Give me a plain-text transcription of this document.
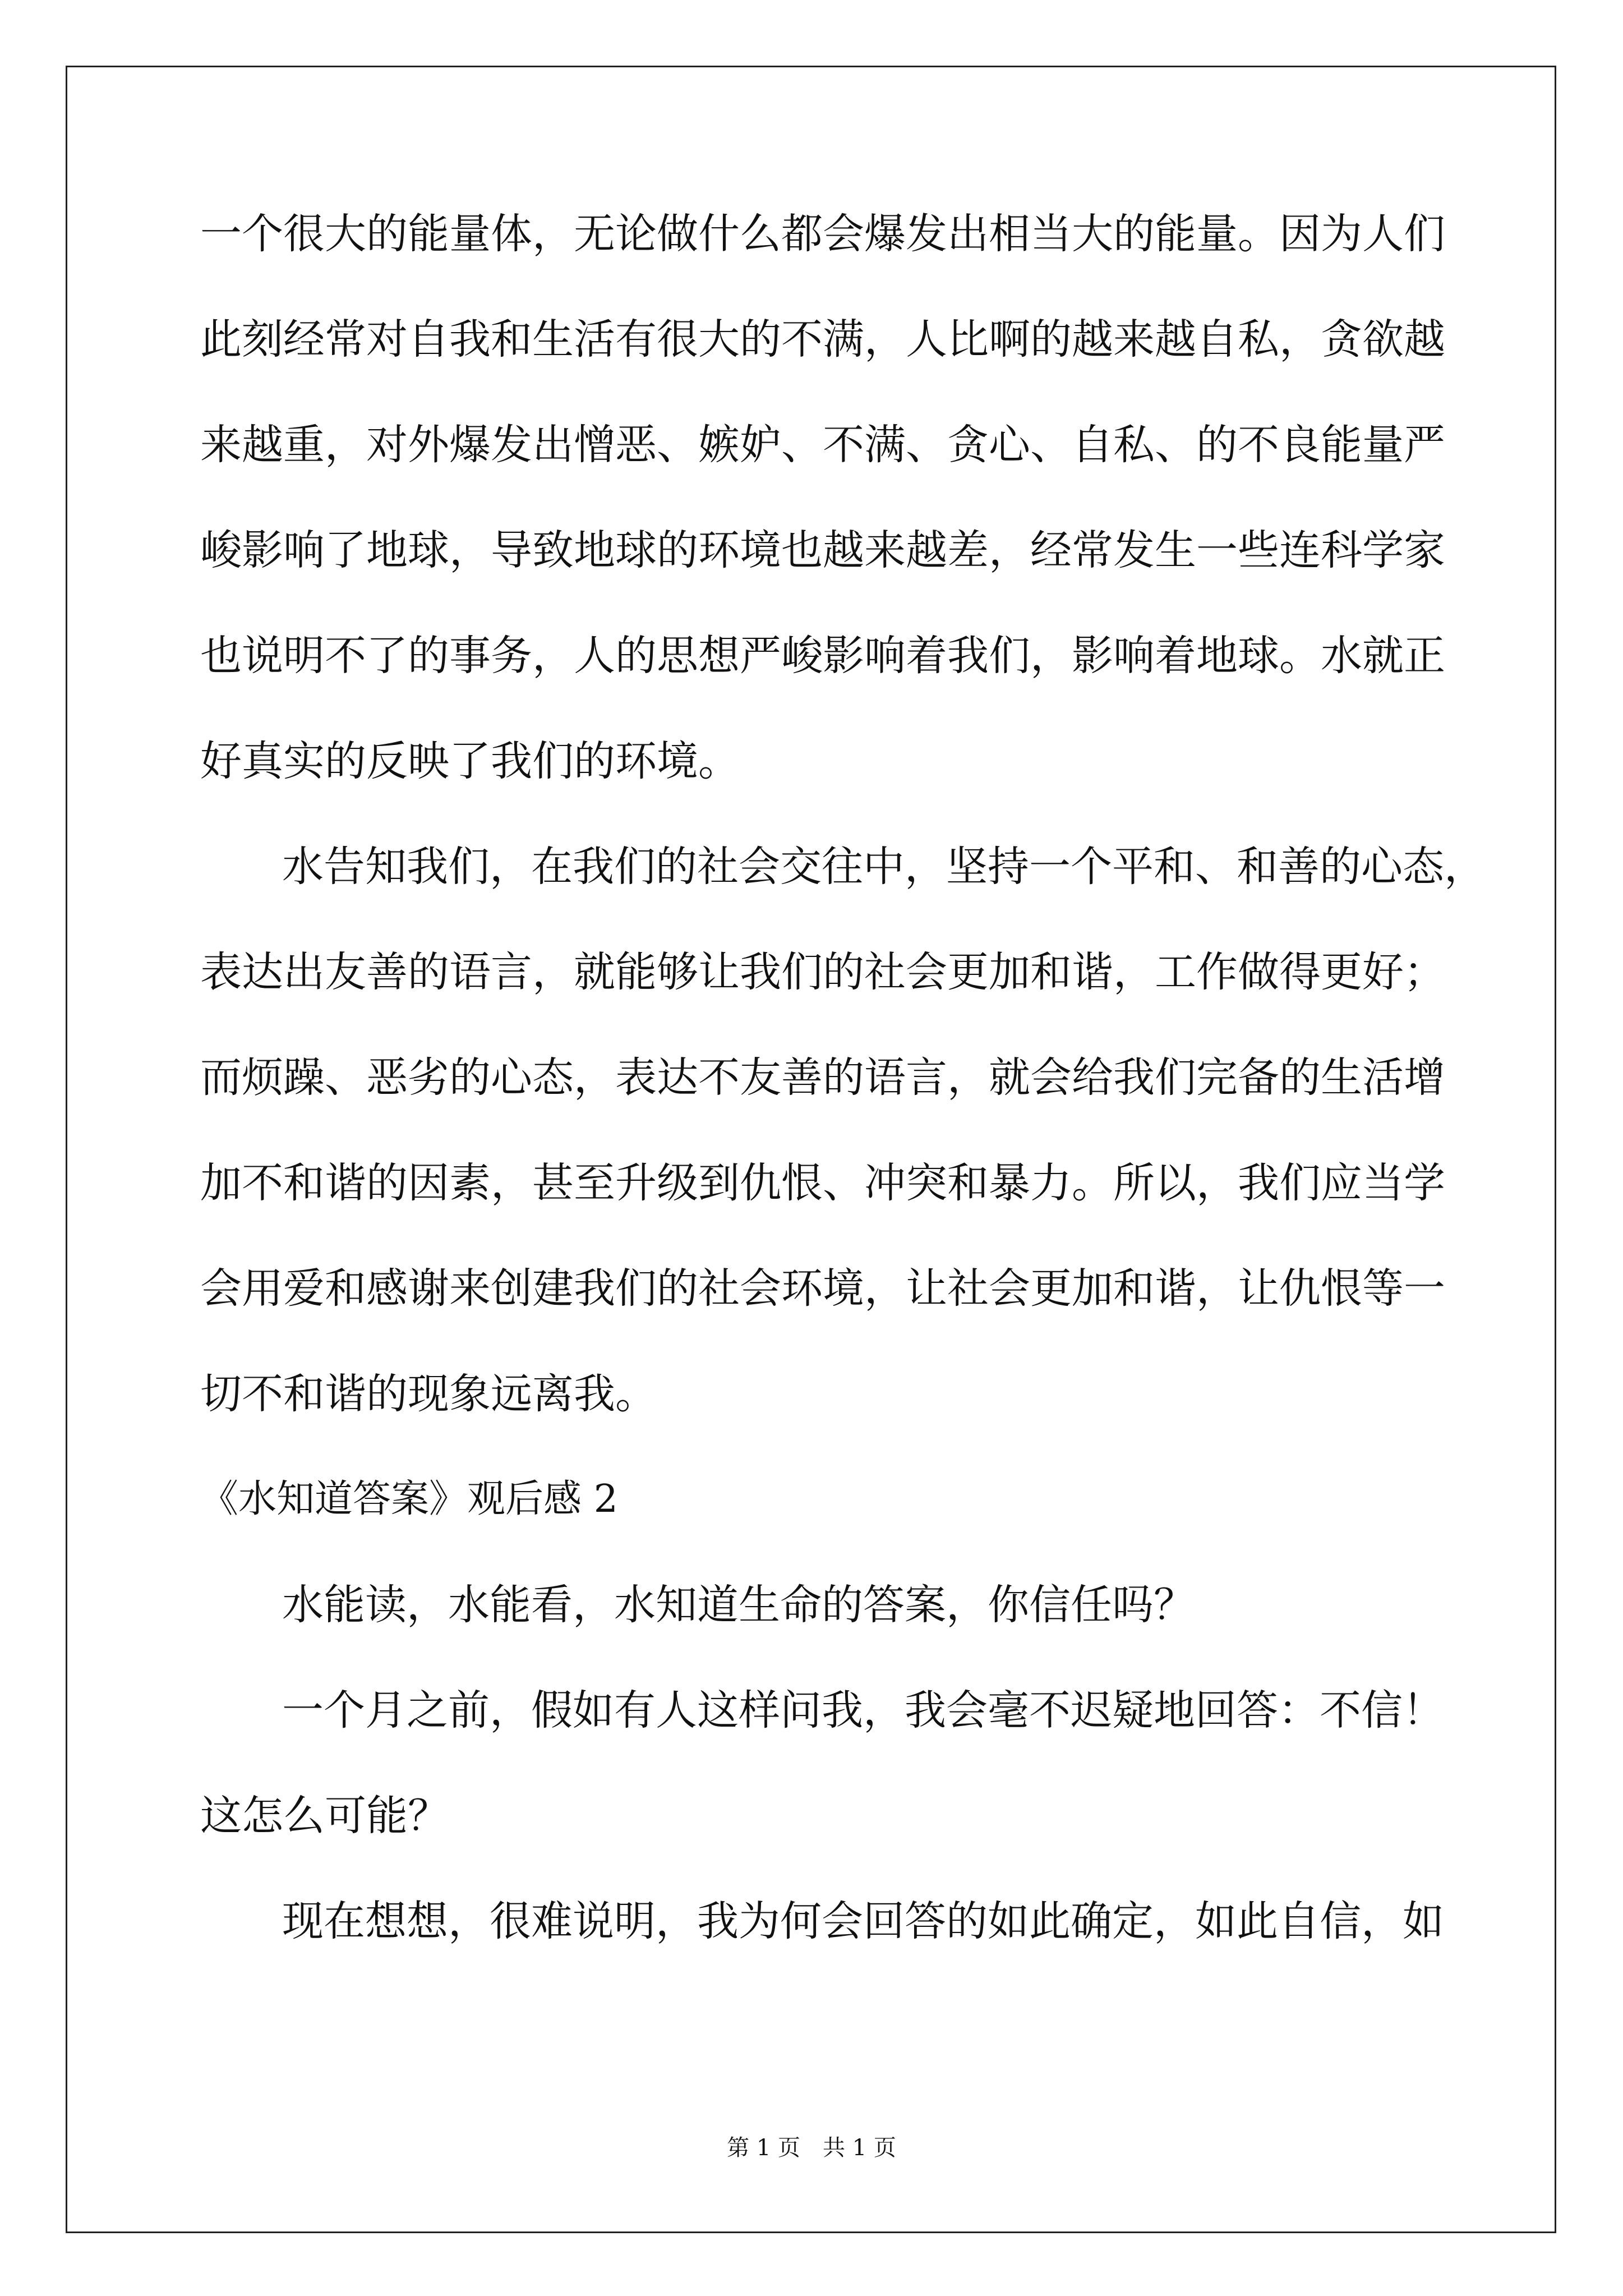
一个很大的能量体，无论做什么都会爆发出相当大的能量。因为人们
此刻经常对自我和生活有很大的不满，人比啊的越来越自私，贪欲越
来越重，对外爆发出憎恶、嫉妒、不满、贪心、自私、的不良能量严
峻影响了地球，导致地球的环境也越来越差，经常发生一些连科学家
也说明不了的事务，人的思想严峻影响着我们，影响着地球。水就正
好真实的反映了我们的环境。
水告知我们，在我们的社会交往中，坚持一个平和、和善的心态，
表达出友善的语言，就能够让我们的社会更加和谐，工作做得更好；
而烦躁、恶劣的心态，表达不友善的语言，就会给我们完备的生活增
加不和谐的因素，甚至升级到仇恨、冲突和暴力。所以，我们应当学
会用爱和感谢来创建我们的社会环境，让社会更加和谐，让仇恨等一
切不和谐的现象远离我。
《水知道答案》观后感 2
水能读，水能看，水知道生命的答案，你信任吗？
一个月之前，假如有人这样问我，我会毫不迟疑地回答：不信！
这怎么可能？
现在想想，很难说明，我为何会回答的如此确定，如此自信，如
第 1 页　共 1 页
